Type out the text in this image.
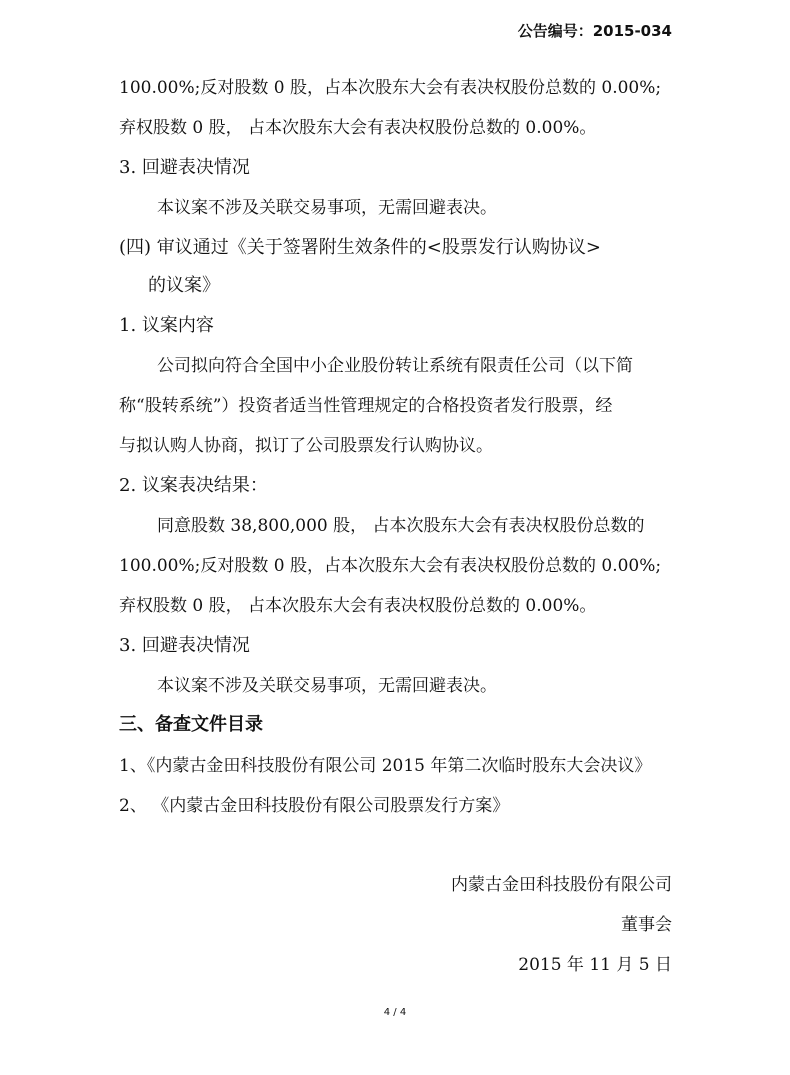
公告编号：2015-034
100.00%;反对股数 0 股，占本次股东大会有表决权股份总数的 0.00%;
弃权股数 0 股， 占本次股东大会有表决权股份总数的 0.00%。
3. 回避表决情况
本议案不涉及关联交易事项，无需回避表决。
(四) 审议通过《关于签署附生效条件的<股票发行认购协议>
的议案》
1. 议案内容
公司拟向符合全国中小企业股份转让系统有限责任公司（以下简
称“股转系统”）投资者适当性管理规定的合格投资者发行股票，经
与拟认购人协商，拟订了公司股票发行认购协议。
2. 议案表决结果：
同意股数 38,800,000 股， 占本次股东大会有表决权股份总数的
100.00%;反对股数 0 股，占本次股东大会有表决权股份总数的 0.00%;
弃权股数 0 股， 占本次股东大会有表决权股份总数的 0.00%。
3. 回避表决情况
本议案不涉及关联交易事项，无需回避表决。
三、备查文件目录
1、《内蒙古金田科技股份有限公司 2015 年第二次临时股东大会决议》
2、 《内蒙古金田科技股份有限公司股票发行方案》
内蒙古金田科技股份有限公司
董事会
2015 年 11 月 5 日
4 / 4
